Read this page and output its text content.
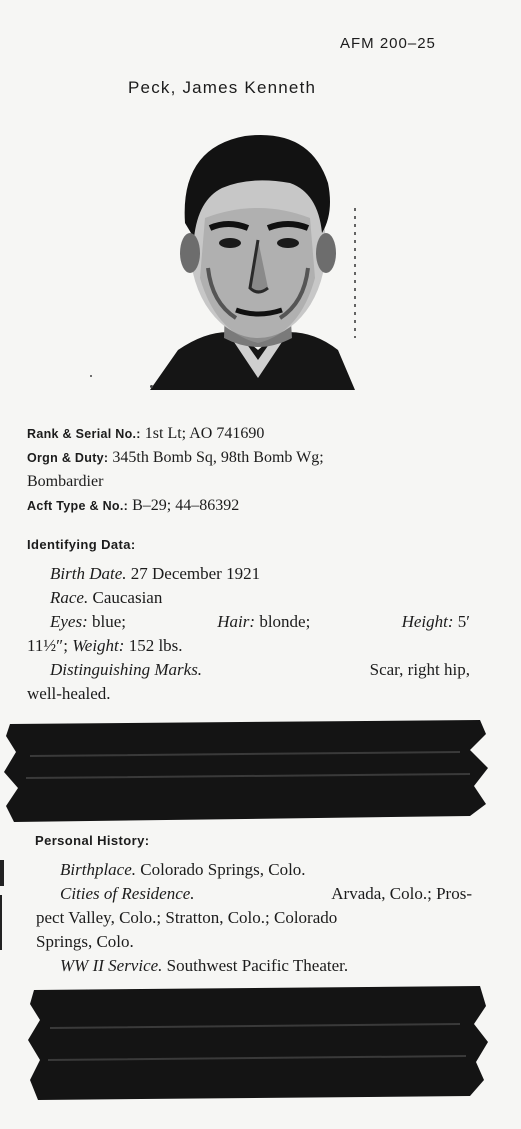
AFM 200–25
Peck, James Kenneth
Rank & Serial No.: 1st Lt; AO 741690
Orgn & Duty: 345th Bomb Sq, 98th Bomb Wg;
Bombardier
Acft Type & No.: B–29; 44–86392
Identifying Data:
Birth Date. 27 December 1921
Race. Caucasian
Eyes: blue;	Hair: blonde;	Height: 5′
11½″; Weight: 152 lbs.
Distinguishing Marks.	Scar, right hip,
well-healed.
Personal History:
Birthplace. Colorado Springs, Colo.
Cities of Residence.	Arvada, Colo.; Pros-
pect Valley, Colo.; Stratton, Colo.; Colorado
Springs, Colo.
WW II Service. Southwest Pacific Theater.
